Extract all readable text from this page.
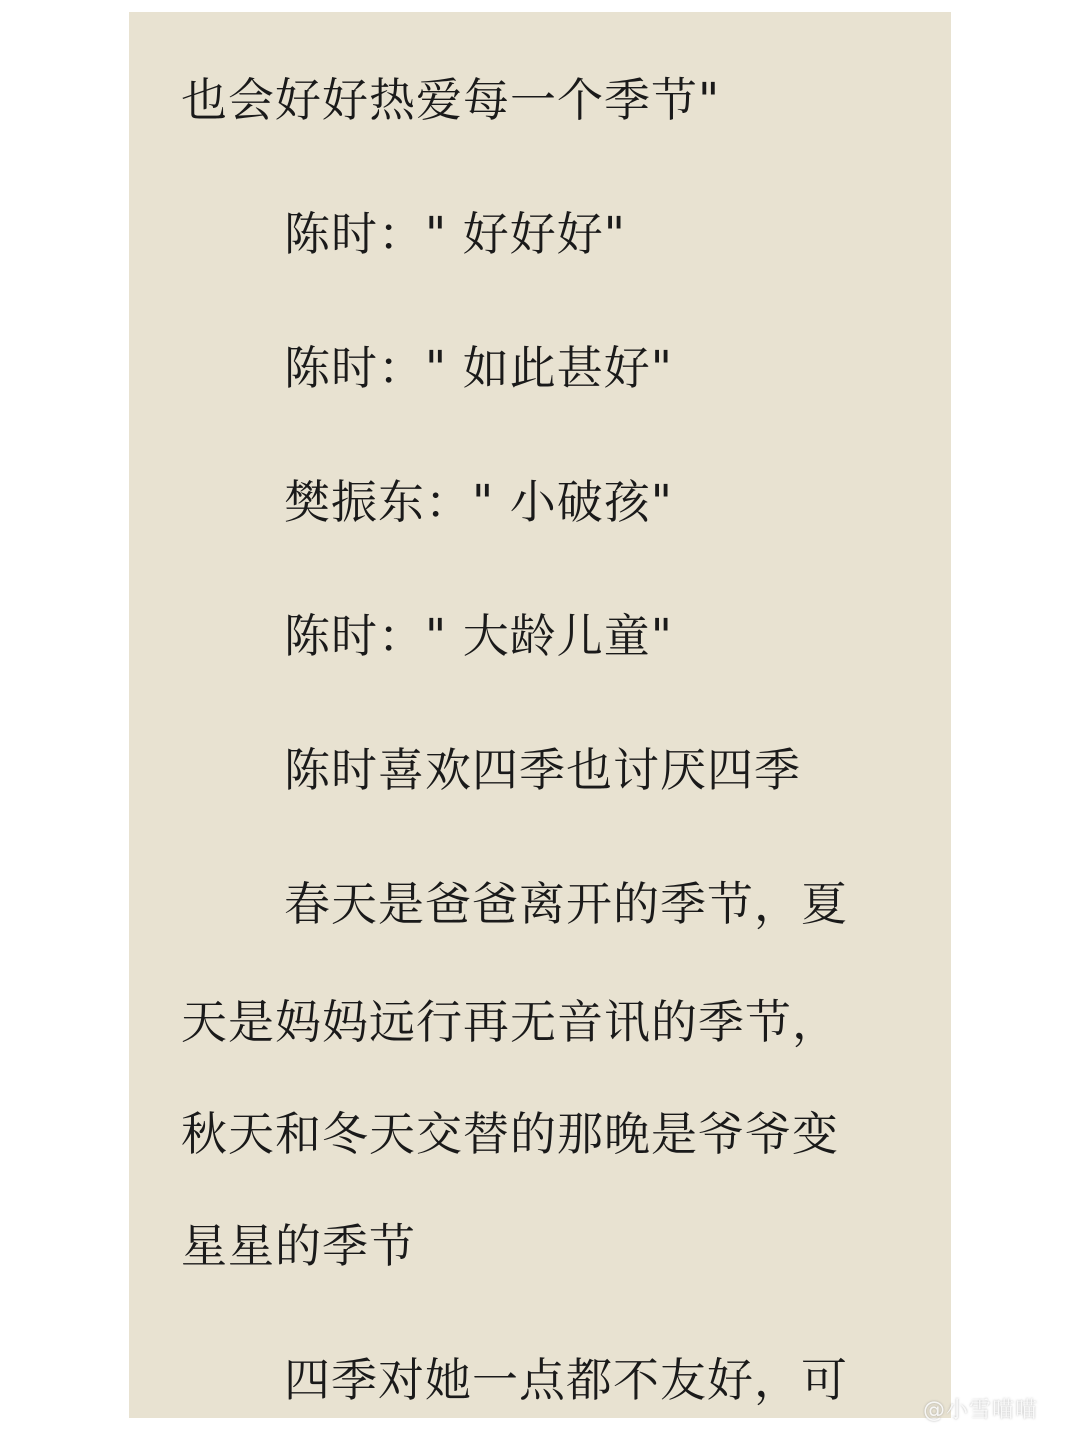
也会好好热爱每一个季节"
陈时：" 好好好"
陈时：" 如此甚好"
樊振东：" 小破孩"
陈时：" 大龄儿童"
陈时喜欢四季也讨厌四季
春天是爸爸离开的季节，夏
天是妈妈远行再无音讯的季节，
秋天和冬天交替的那晚是爷爷变
星星的季节
四季对她一点都不友好，可
@小雪喵喵
